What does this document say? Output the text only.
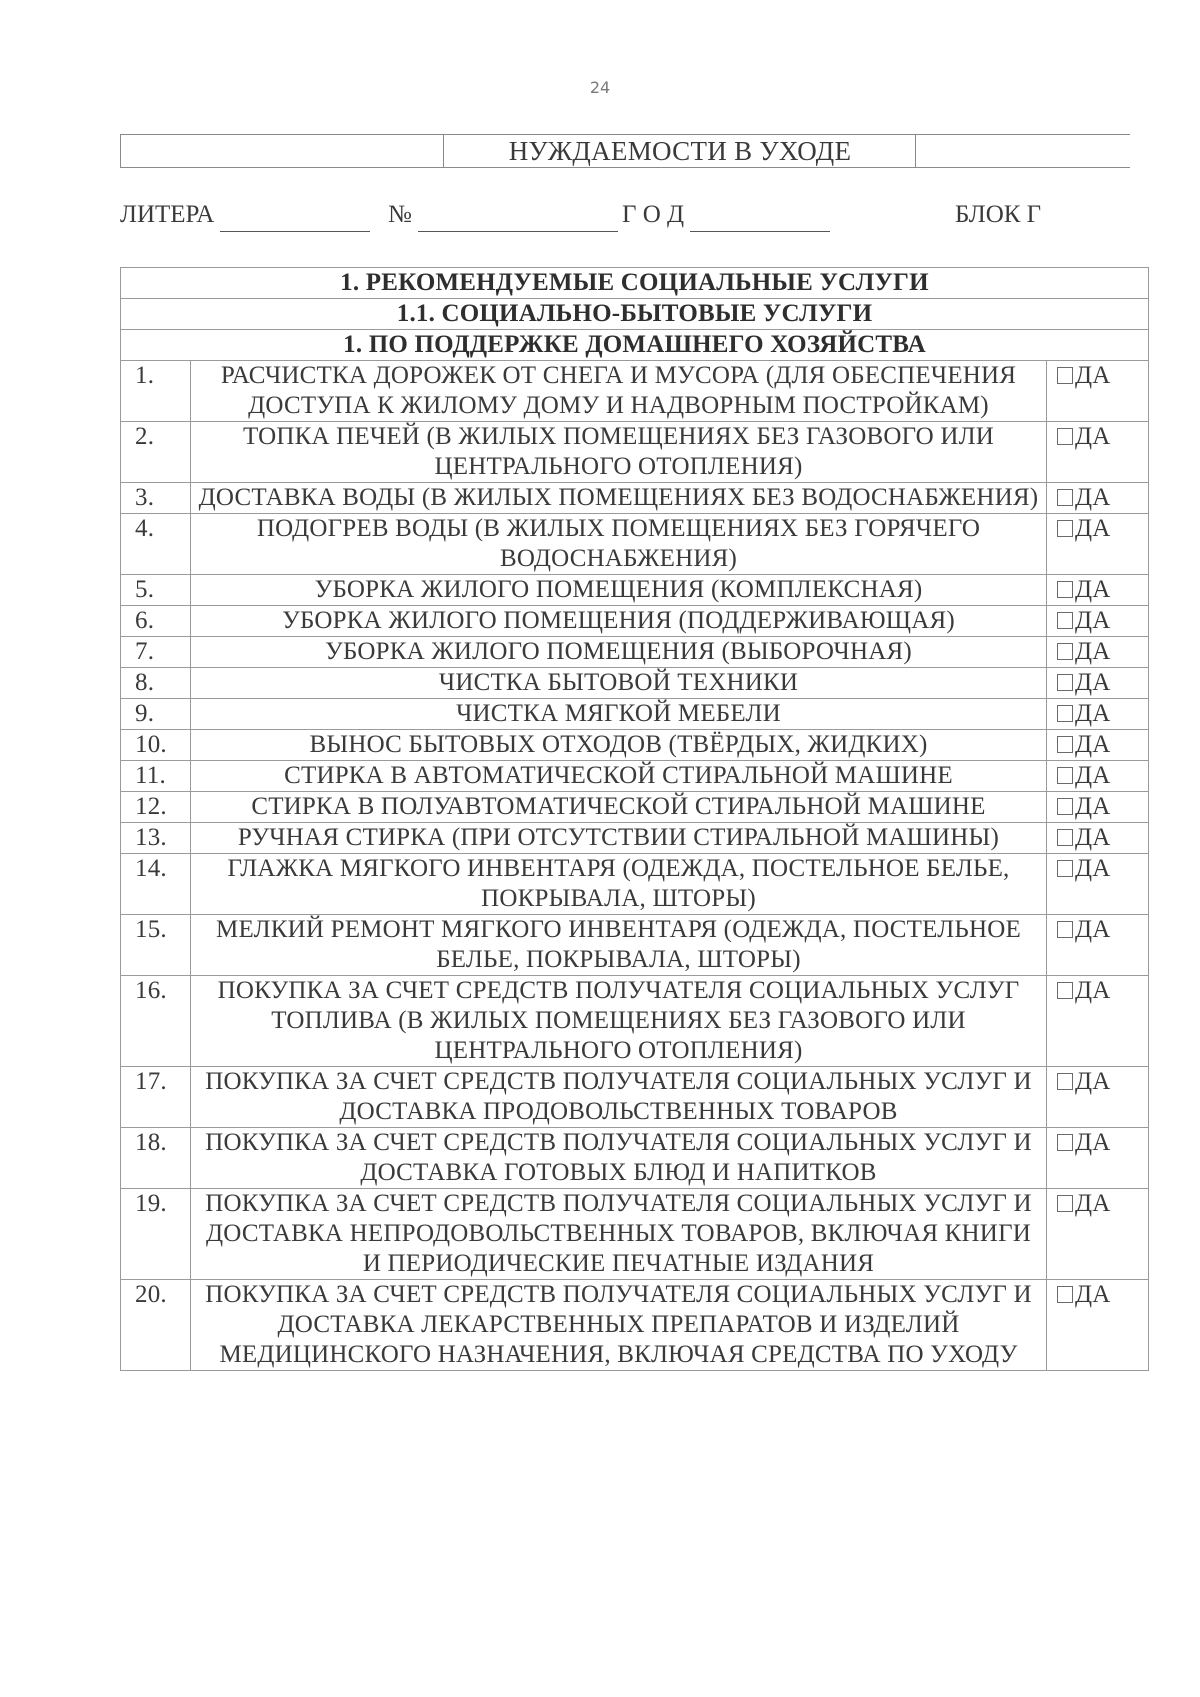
24
НУЖДАЕМОСТИ В УХОДЕ
ЛИТЕРА	№	Г О Д	БЛОК Г
1. РЕКОМЕНДУЕМЫЕ СОЦИАЛЬНЫЕ УСЛУГИ		
1.1. СОЦИАЛЬНО-БЫТОВЫЕ УСЛУГИ		
1. ПО ПОДДЕРЖКЕ ДОМАШНЕГО ХОЗЯЙСТВА		
1.	РАСЧИСТКА ДОРОЖЕК ОТ СНЕГА И МУСОРА (ДЛЯ ОБЕСПЕЧЕНИЯ ДОСТУПА К ЖИЛОМУ ДОМУ И НАДВОРНЫМ ПОСТРОЙКАМ)	ДА
2.	ТОПКА ПЕЧЕЙ (В ЖИЛЫХ ПОМЕЩЕНИЯХ БЕЗ ГАЗОВОГО ИЛИ ЦЕНТРАЛЬНОГО ОТОПЛЕНИЯ)	ДА
3.	ДОСТАВКА ВОДЫ (В ЖИЛЫХ ПОМЕЩЕНИЯХ БЕЗ ВОДОСНАБЖЕНИЯ)	ДА
4.	ПОДОГРЕВ ВОДЫ (В ЖИЛЫХ ПОМЕЩЕНИЯХ БЕЗ ГОРЯЧЕГО ВОДОСНАБЖЕНИЯ)	ДА
5.	УБОРКА ЖИЛОГО ПОМЕЩЕНИЯ (КОМПЛЕКСНАЯ)	ДА
6.	УБОРКА ЖИЛОГО ПОМЕЩЕНИЯ (ПОДДЕРЖИВАЮЩАЯ)	ДА
7.	УБОРКА ЖИЛОГО ПОМЕЩЕНИЯ (ВЫБОРОЧНАЯ)	ДА
8.	ЧИСТКА БЫТОВОЙ ТЕХНИКИ	ДА
9.	ЧИСТКА МЯГКОЙ МЕБЕЛИ	ДА
10.	ВЫНОС БЫТОВЫХ ОТХОДОВ (ТВЁРДЫХ, ЖИДКИХ)	ДА
11.	СТИРКА В АВТОМАТИЧЕСКОЙ СТИРАЛЬНОЙ МАШИНЕ	ДА
12.	СТИРКА В ПОЛУАВТОМАТИЧЕСКОЙ СТИРАЛЬНОЙ МАШИНЕ	ДА
13.	РУЧНАЯ СТИРКА (ПРИ ОТСУТСТВИИ СТИРАЛЬНОЙ МАШИНЫ)	ДА
14.	ГЛАЖКА МЯГКОГО ИНВЕНТАРЯ (ОДЕЖДА, ПОСТЕЛЬНОЕ БЕЛЬЕ, ПОКРЫВАЛА, ШТОРЫ)	ДА
15.	МЕЛКИЙ РЕМОНТ МЯГКОГО ИНВЕНТАРЯ (ОДЕЖДА, ПОСТЕЛЬНОЕ БЕЛЬЕ, ПОКРЫВАЛА, ШТОРЫ)	ДА
16.	ПОКУПКА ЗА СЧЕТ СРЕДСТВ ПОЛУЧАТЕЛЯ СОЦИАЛЬНЫХ УСЛУГ ТОПЛИВА (В ЖИЛЫХ ПОМЕЩЕНИЯХ БЕЗ ГАЗОВОГО ИЛИ ЦЕНТРАЛЬНОГО ОТОПЛЕНИЯ)	ДА
17.	ПОКУПКА ЗА СЧЕТ СРЕДСТВ ПОЛУЧАТЕЛЯ СОЦИАЛЬНЫХ УСЛУГ И ДОСТАВКА ПРОДОВОЛЬСТВЕННЫХ ТОВАРОВ	ДА
18.	ПОКУПКА ЗА СЧЕТ СРЕДСТВ ПОЛУЧАТЕЛЯ СОЦИАЛЬНЫХ УСЛУГ И ДОСТАВКА ГОТОВЫХ БЛЮД И НАПИТКОВ	ДА
19.	ПОКУПКА ЗА СЧЕТ СРЕДСТВ ПОЛУЧАТЕЛЯ СОЦИАЛЬНЫХ УСЛУГ И ДОСТАВКА НЕПРОДОВОЛЬСТВЕННЫХ ТОВАРОВ, ВКЛЮЧАЯ КНИГИ И ПЕРИОДИЧЕСКИЕ ПЕЧАТНЫЕ ИЗДАНИЯ	ДА
20.	ПОКУПКА ЗА СЧЕТ СРЕДСТВ ПОЛУЧАТЕЛЯ СОЦИАЛЬНЫХ УСЛУГ И ДОСТАВКА ЛЕКАРСТВЕННЫХ ПРЕПАРАТОВ И ИЗДЕЛИЙ МЕДИЦИНСКОГО НАЗНАЧЕНИЯ, ВКЛЮЧАЯ СРЕДСТВА ПО УХОДУ	ДА
